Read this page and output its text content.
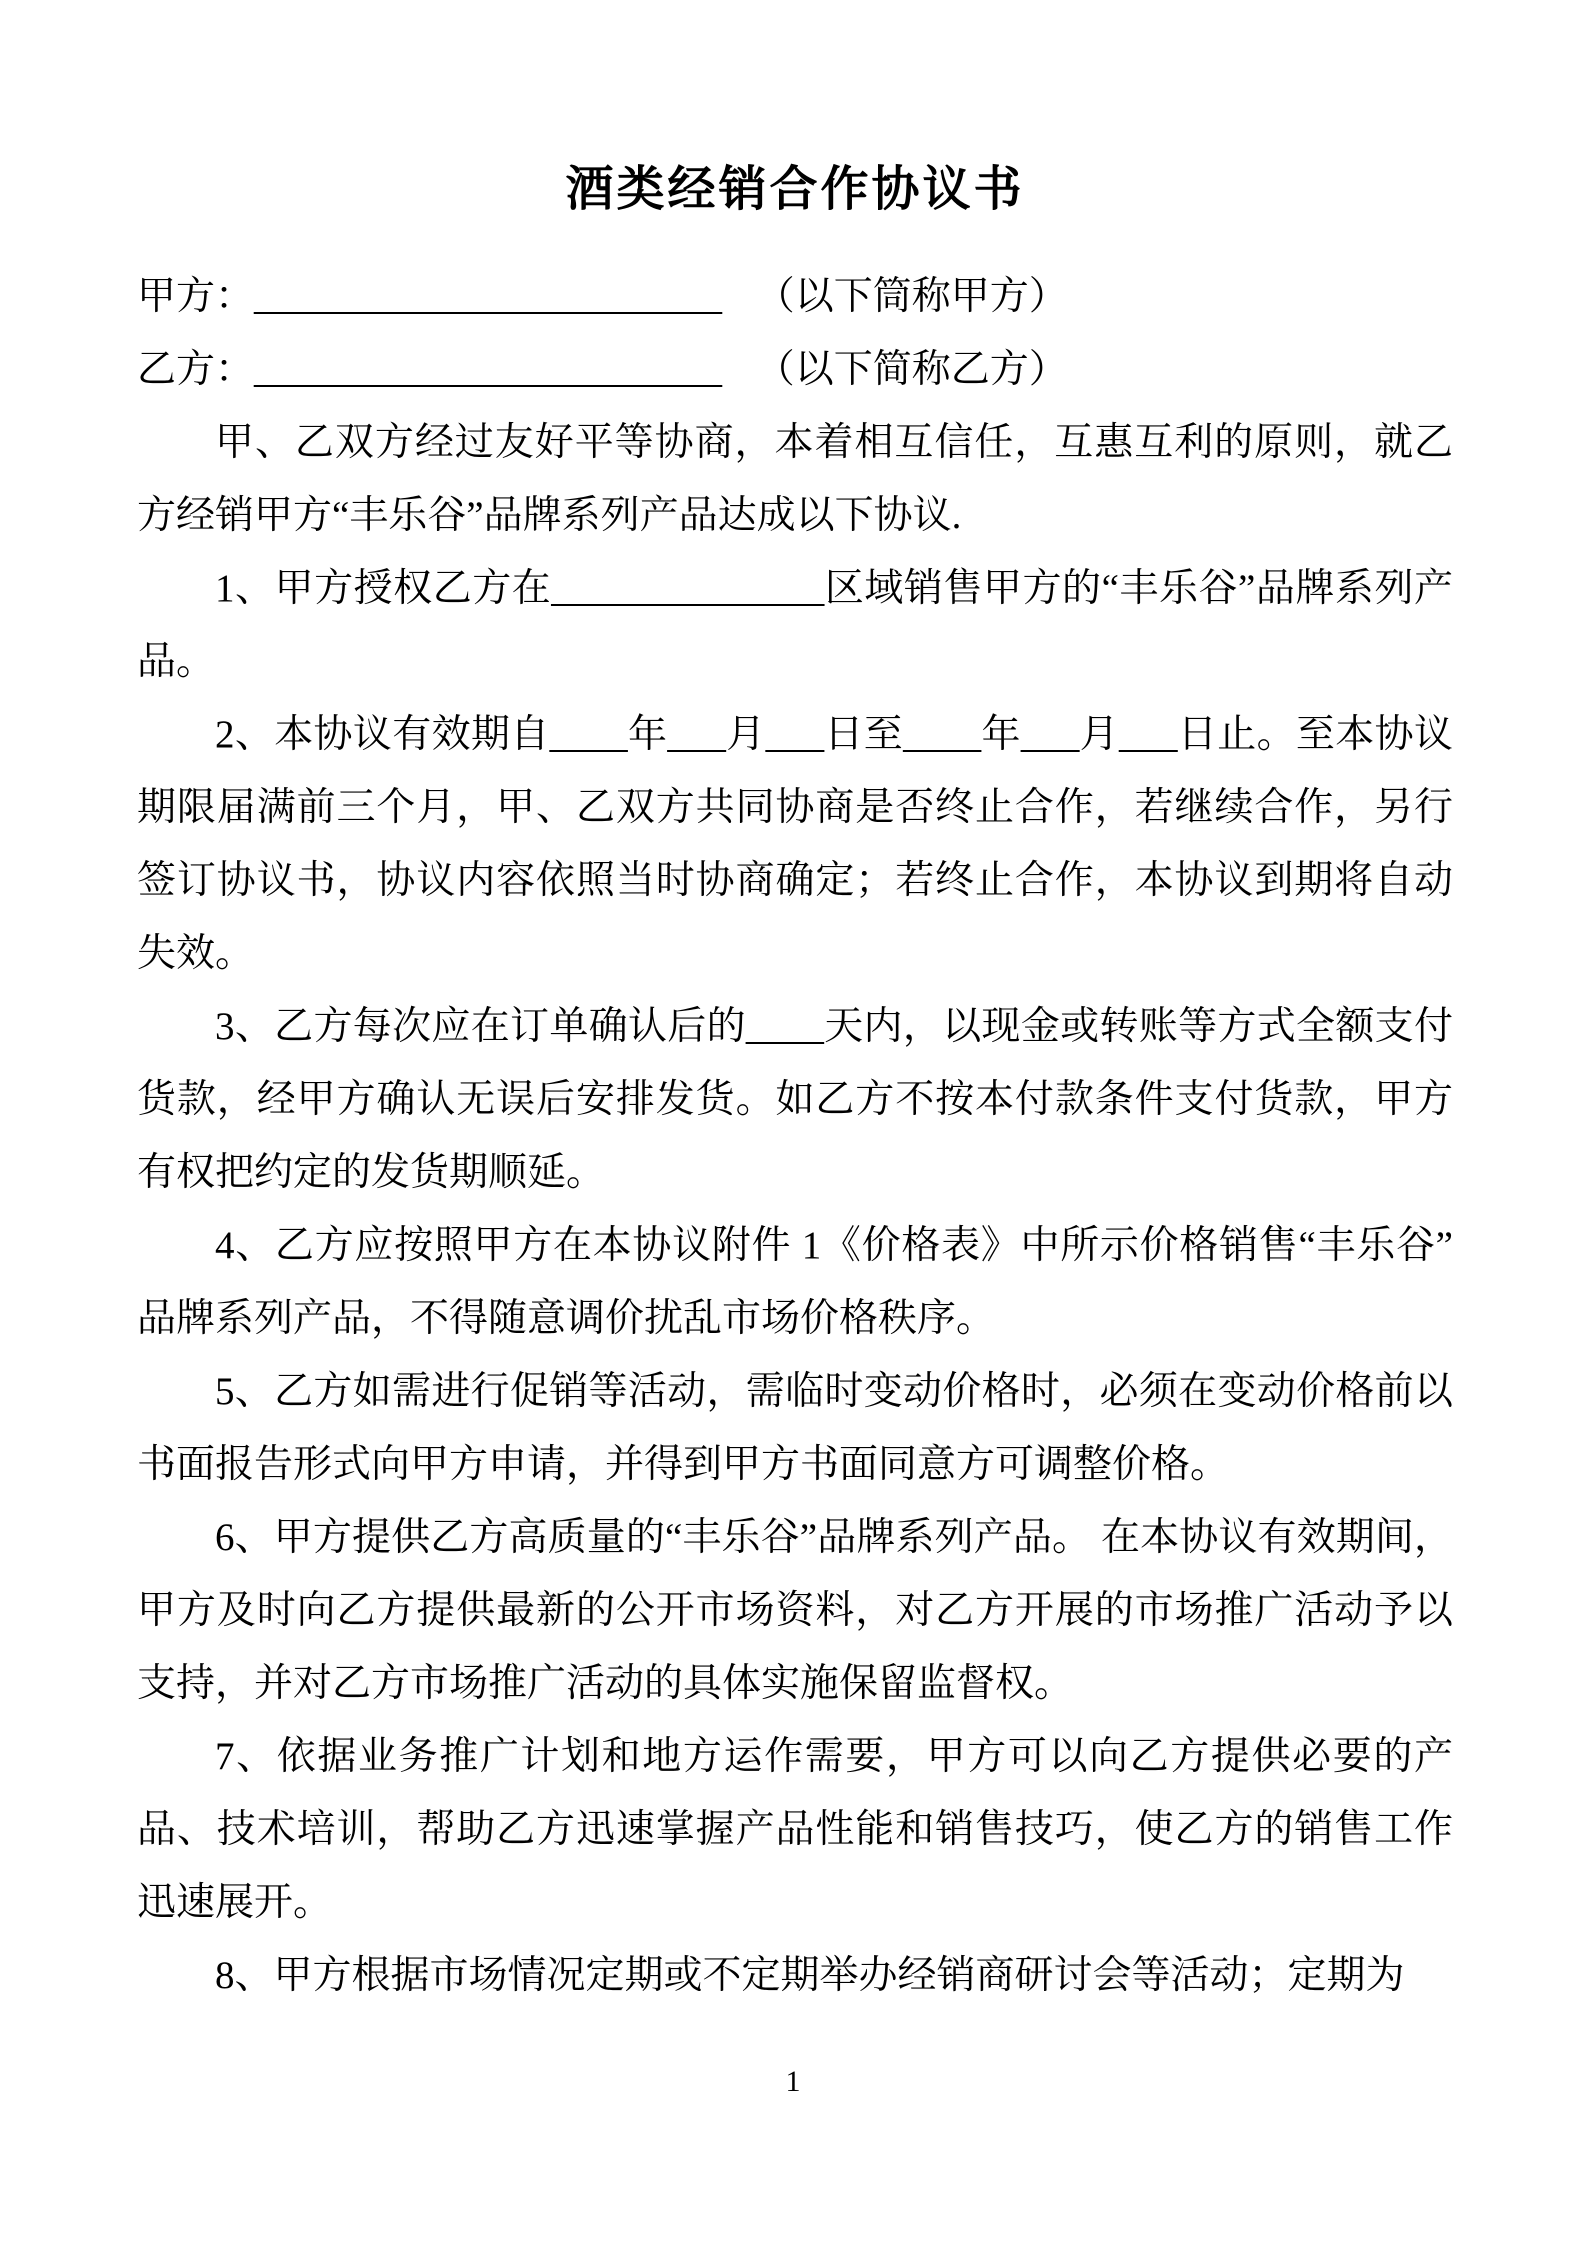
酒类经销合作协议书
甲方：________________________ （以下筒称甲方）
乙方：________________________ （以下简称乙方）

甲、乙双方经过友好平等协商，本着相互信任，互惠互利的原则，就乙方经销甲方“丰乐谷”品牌系列产品达成以下协议.

1、甲方授权乙方在______________区域销售甲方的“丰乐谷”品牌系列产品。

2、本协议有效期自____年___月___日至____年___月___日止。至本协议期限届满前三个月，甲、乙双方共同协商是否终止合作，若继续合作，另行签订协议书，协议内容依照当时协商确定；若终止合作，本协议到期将自动失效。

3、乙方每次应在订单确认后的____天内，以现金或转账等方式全额支付货款，经甲方确认无误后安排发货。如乙方不按本付款条件支付货款，甲方有权把约定的发货期顺延。

4、乙方应按照甲方在本协议附件 1《价格表》中所示价格销售“丰乐谷”品牌系列产品，不得随意调价扰乱市场价格秩序。

5、乙方如需进行促销等活动，需临时变动价格时，必须在变动价格前以书面报告形式向甲方申请，并得到甲方书面同意方可调整价格。

6、甲方提供乙方高质量的“丰乐谷”品牌系列产品。 在本协议有效期间，甲方及时向乙方提供最新的公开市场资料，对乙方开展的市场推广活动予以支持，并对乙方市场推广活动的具体实施保留监督权。

7、依据业务推广计划和地方运作需要，甲方可以向乙方提供必要的产品、技术培训，帮助乙方迅速掌握产品性能和销售技巧，使乙方的销售工作迅速展开。

8、甲方根据市场情况定期或不定期举办经销商研讨会等活动；定期为

1
